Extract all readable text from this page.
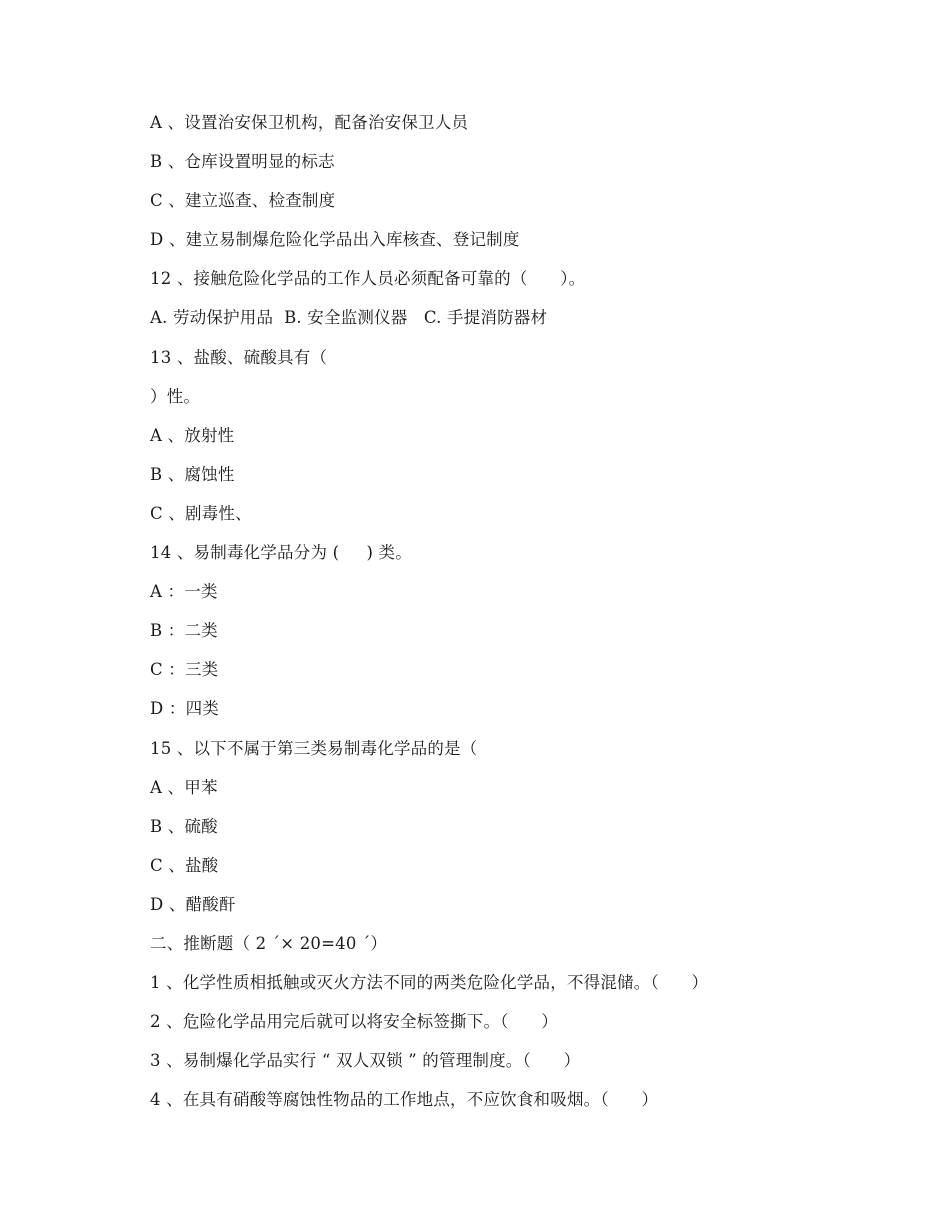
A 、设置治安保卫机构，配备治安保卫人员
B 、仓库设置明显的标志
C 、建立巡查、检查制度
D 、建立易制爆危险化学品出入库核查、登记制度
12 、接触危险化学品的工作人员必须配备可靠的（      ）。
A. 劳动保护用品  B. 安全监测仪器   C. 手提消防器材
13 、盐酸、硫酸具有（
）性。
A 、放射性
B 、腐蚀性
C 、剧毒性、
14 、易制毒化学品分为 (     ) 类。
A ：一类
B ：二类
C ：三类
D ：四类
15 、以下不属于第三类易制毒化学品的是（
A 、甲苯
B 、硫酸
C 、盐酸
D 、醋酸酐
二、推断题（ 2 ´× 20=40 ´）
1 、化学性质相抵触或灭火方法不同的两类危险化学品，不得混储。（      ）
2 、危险化学品用完后就可以将安全标签撕下。（      ）
3 、易制爆化学品实行 “ 双人双锁 ” 的管理制度。（      ）
4 、在具有硝酸等腐蚀性物品的工作地点，不应饮食和吸烟。（      ）
